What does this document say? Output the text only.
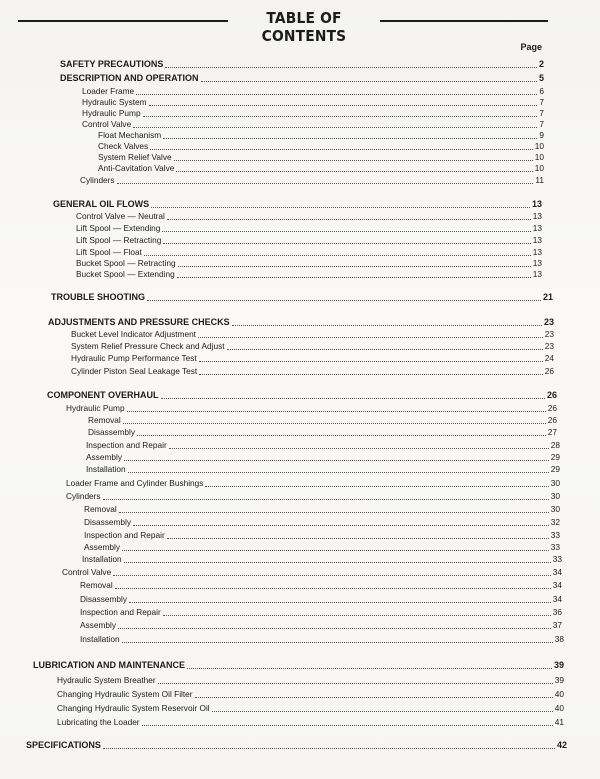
TABLE OF CONTENTS
Page
SAFETY PRECAUTIONS	2
DESCRIPTION AND OPERATION	5
Loader Frame	6
Hydraulic System	7
Hydraulic Pump	7
Control Valve	7
Float Mechanism	9
Check Valves	10
System Relief Valve	10
Anti-Cavitation Valve	10
Cylinders	11
GENERAL OIL FLOWS	13
Control Valve — Neutral	13
Lift Spool — Extending	13
Lift Spool — Retracting	13
Lift Spool — Float	13
Bucket Spool — Retracting	13
Bucket Spool — Extending	13
TROUBLE SHOOTING	21
ADJUSTMENTS AND PRESSURE CHECKS	23
Bucket Level Indicator Adjustment	23
System Relief Pressure Check and Adjust	23
Hydraulic Pump Performance Test	24
Cylinder Piston Seal Leakage Test	26
COMPONENT OVERHAUL	26
Hydraulic Pump	26
Removal	26
Disassembly	27
Inspection and Repair	28
Assembly	29
Installation	29
Loader Frame and Cylinder Bushings	30
Cylinders	30
Removal	30
Disassembly	32
Inspection and Repair	33
Assembly	33
Installation	33
Control Valve	34
Removal	34
Disassembly	34
Inspection and Repair	36
Assembly	37
Installation	38
LUBRICATION AND MAINTENANCE	39
Hydraulic System Breather	39
Changing Hydraulic System Oil Filter	40
Changing Hydraulic System Reservoir Oil	40
Lubricating the Loader	41
SPECIFICATIONS	42
